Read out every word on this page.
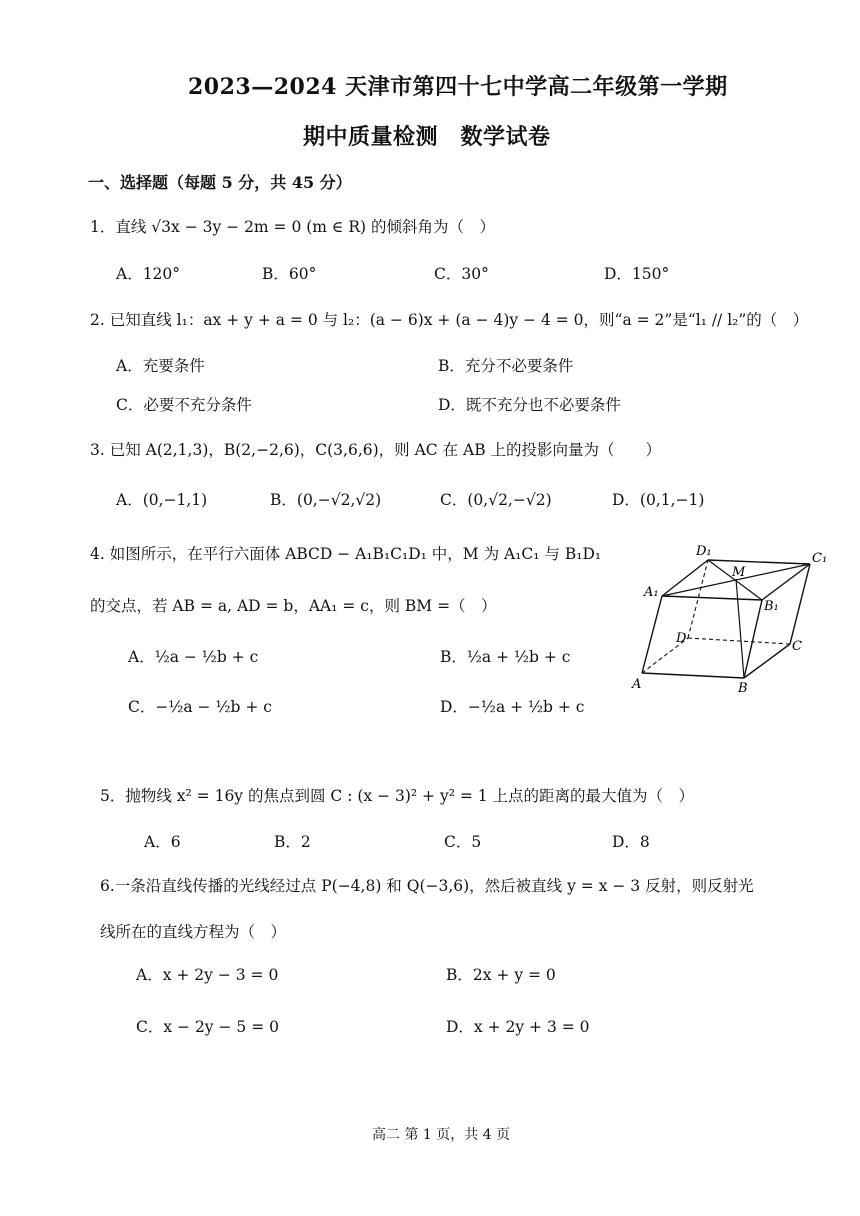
2023—2024 天津市第四十七中学高二年级第一学期
期中质量检测　数学试卷
一、选择题（每题 5 分，共 45 分）
1．直线 √3x − 3y − 2m = 0 (m ∈ R) 的倾斜角为（　）
A．120°	B．60°	C．30°	D．150°
2. 已知直线 l₁：ax + y + a = 0 与 l₂：(a − 6)x + (a − 4)y − 4 = 0，则“a = 2”是“l₁ // l₂”的（　）
A．充要条件	B．充分不必要条件
C．必要不充分条件	D．既不充分也不必要条件
3. 已知 A(2,1,3)，B(2,−2,6)，C(3,6,6)，则 AC 在 AB 上的投影向量为（　　）
A．(0,−1,1)	B．(0,−√2,√2)	C．(0,√2,−√2)	D．(0,1,−1)
4. 如图所示，在平行六面体 ABCD − A₁B₁C₁D₁ 中，M 为 A₁C₁ 与 B₁D₁
的交点，若 AB = a, AD = b，AA₁ = c，则 BM =（　）
A．½a − ½b + c	B．½a + ½b + c
C．−½a − ½b + c	D．−½a + ½b + c
D₁	C₁
M
A₁
B₁
D
C
A	B
5．抛物线 x² = 16y 的焦点到圆 C : (x − 3)² + y² = 1 上点的距离的最大值为（　）
A．6	B．2	C．5	D．8
6.一条沿直线传播的光线经过点 P(−4,8) 和 Q(−3,6)，然后被直线 y = x − 3 反射，则反射光
线所在的直线方程为（　）
A．x + 2y − 3 = 0	B．2x + y = 0
C．x − 2y − 5 = 0	D．x + 2y + 3 = 0
高二 第 1 页，共 4 页
